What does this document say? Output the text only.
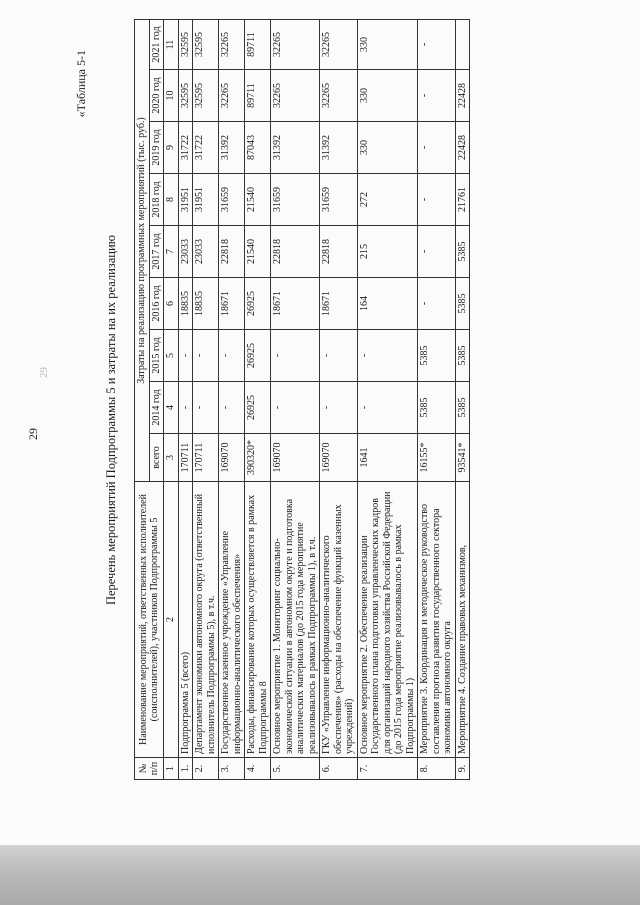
29
29
«Таблица 5-1
Перечень мероприятий Подпрограммы 5 и затраты на их реализацию
№ п/п	Наименование мероприятий, ответственных исполнителей (соисполнителей), участников Подпрограммы 5	Затраты на реализацию программных мероприятий (тыс. руб.)								
		всего	2014 год	2015 год	2016 год	2017 год	2018 год	2019 год	2020 год	2021 год
1	2	3	4	5	6	7	8	9	10	11
1.	Подпрограмма 5 (всего)	170711	-	-	18835	23033	31951	31722	32595	32595
2.	Департамент экономики автономного округа (ответственный исполнитель Подпрограммы 5), в т.ч.	170711	-	-	18835	23033	31951	31722	32595	32595
3.	Государственное казенное учреждение «Управление информационно-аналитического обеспечения»	169070	-	-	18671	22818	31659	31392	32265	32265
4.	Расходы, финансирование которых осуществляется в рамках Подпрограммы 8	390320*	26925	26925	26925	21540	21540	87043	89711	89711
5.	Основное мероприятие 1. Мониторинг социально-экономической ситуации в автономном округе и подготовка аналитических материалов (до 2015 года мероприятие реализовывалось в рамках Подпрограммы 1), в т.ч.	169070	-	-	18671	22818	31659	31392	32265	32265
6.	ГКУ «Управление информационно-аналитического обеспечения» (расходы на обеспечение функций казенных учреждений)	169070	-	-	18671	22818	31659	31392	32265	32265
7.	Основное мероприятие 2. Обеспечение реализации Государственного плана подготовки управленческих кадров для организаций народного хозяйства Российской Федерации (до 2015 года мероприятие реализовывалось в рамках Подпрограммы 1)	1641	-	-	164	215	272	330	330	330
8.	Мероприятие 3. Координация и методическое руководство составления прогноза развития государственного сектора экономики автономного округа	16155*	5385	5385	-	-	-	-	-	-
9.	Мероприятие 4. Создание правовых механизмов,	93541*	5385	5385	5385	5385	21761	22428	22428	
